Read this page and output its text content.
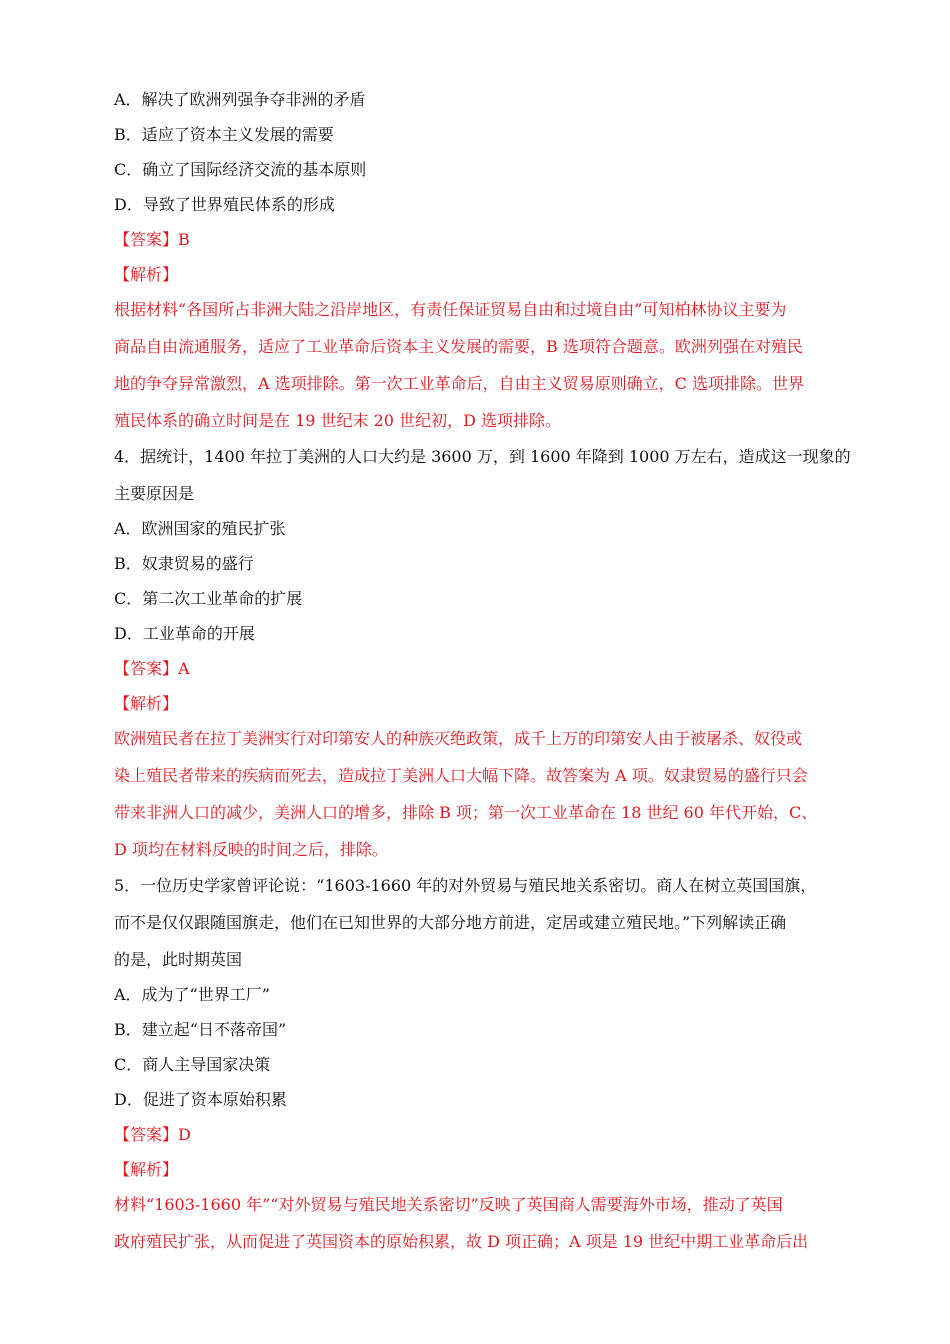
A．解决了欧洲列强争夺非洲的矛盾
B．适应了资本主义发展的需要
C．确立了国际经济交流的基本原则
D．导致了世界殖民体系的形成
【答案】B
【解析】
根据材料“各国所占非洲大陆之沿岸地区，有责任保证贸易自由和过境自由”可知柏林协议主要为
商品自由流通服务，适应了工业革命后资本主义发展的需要，B 选项符合题意。欧洲列强在对殖民
地的争夺异常激烈，A 选项排除。第一次工业革命后，自由主义贸易原则确立，C 选项排除。世界
殖民体系的确立时间是在 19 世纪末 20 世纪初，D 选项排除。
4．据统计，1400 年拉丁美洲的人口大约是 3600 万，到 1600 年降到 1000 万左右，造成这一现象的
主要原因是
A．欧洲国家的殖民扩张
B．奴隶贸易的盛行
C．第二次工业革命的扩展
D．工业革命的开展
【答案】A
【解析】
欧洲殖民者在拉丁美洲实行对印第安人的种族灭绝政策，成千上万的印第安人由于被屠杀、奴役或
染上殖民者带来的疾病而死去，造成拉丁美洲人口大幅下降。故答案为 A 项。奴隶贸易的盛行只会
带来非洲人口的减少，美洲人口的增多，排除 B 项；第一次工业革命在 18 世纪 60 年代开始，C、
D 项均在材料反映的时间之后，排除。
5．一位历史学家曾评论说：“1603-1660 年的对外贸易与殖民地关系密切。商人在树立英国国旗，
而不是仅仅跟随国旗走，他们在已知世界的大部分地方前进，定居或建立殖民地。”下列解读正确
的是，此时期英国
A．成为了“世界工厂”
B．建立起“日不落帝国”
C．商人主导国家决策
D．促进了资本原始积累
【答案】D
【解析】
材料“1603-1660 年”“对外贸易与殖民地关系密切”反映了英国商人需要海外市场，推动了英国
政府殖民扩张，从而促进了英国资本的原始积累，故 D 项正确；A 项是 19 世纪中期工业革命后出
